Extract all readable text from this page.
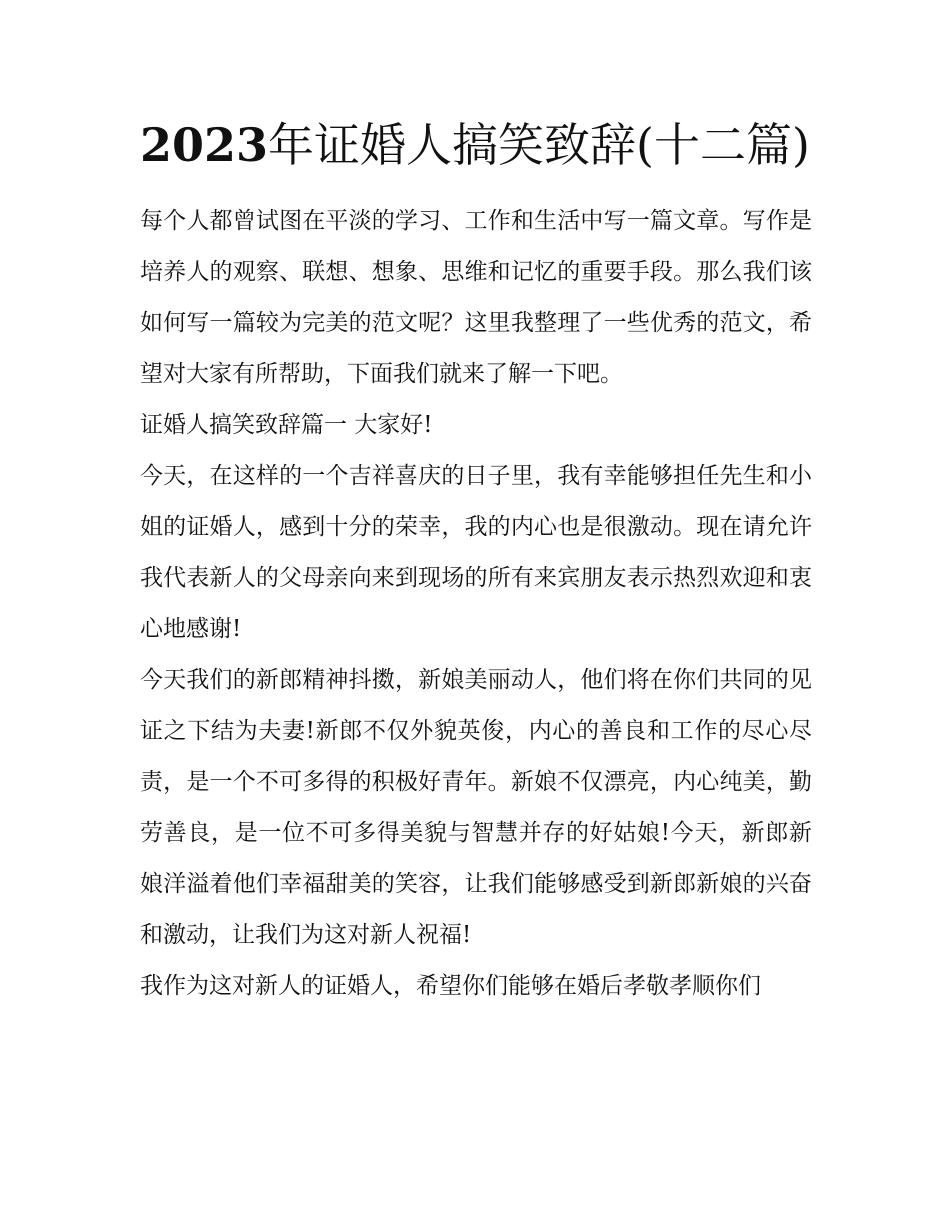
2023年证婚人搞笑致辞(十二篇)

每个人都曾试图在平淡的学习、工作和生活中写一篇文章。写作是培养人的观察、联想、想象、思维和记忆的重要手段。那么我们该如何写一篇较为完美的范文呢？这里我整理了一些优秀的范文，希望对大家有所帮助，下面我们就来了解一下吧。

证婚人搞笑致辞篇一 大家好!

今天，在这样的一个吉祥喜庆的日子里，我有幸能够担任先生和小姐的证婚人，感到十分的荣幸，我的内心也是很激动。现在请允许我代表新人的父母亲向来到现场的所有来宾朋友表示热烈欢迎和衷心地感谢!

今天我们的新郎精神抖擞，新娘美丽动人，他们将在你们共同的见证之下结为夫妻!新郎不仅外貌英俊，内心的善良和工作的尽心尽责，是一个不可多得的积极好青年。新娘不仅漂亮，内心纯美，勤劳善良，是一位不可多得美貌与智慧并存的好姑娘!今天，新郎新娘洋溢着他们幸福甜美的笑容，让我们能够感受到新郎新娘的兴奋和激动，让我们为这对新人祝福!

我作为这对新人的证婚人，希望你们能够在婚后孝敬孝顺你们
